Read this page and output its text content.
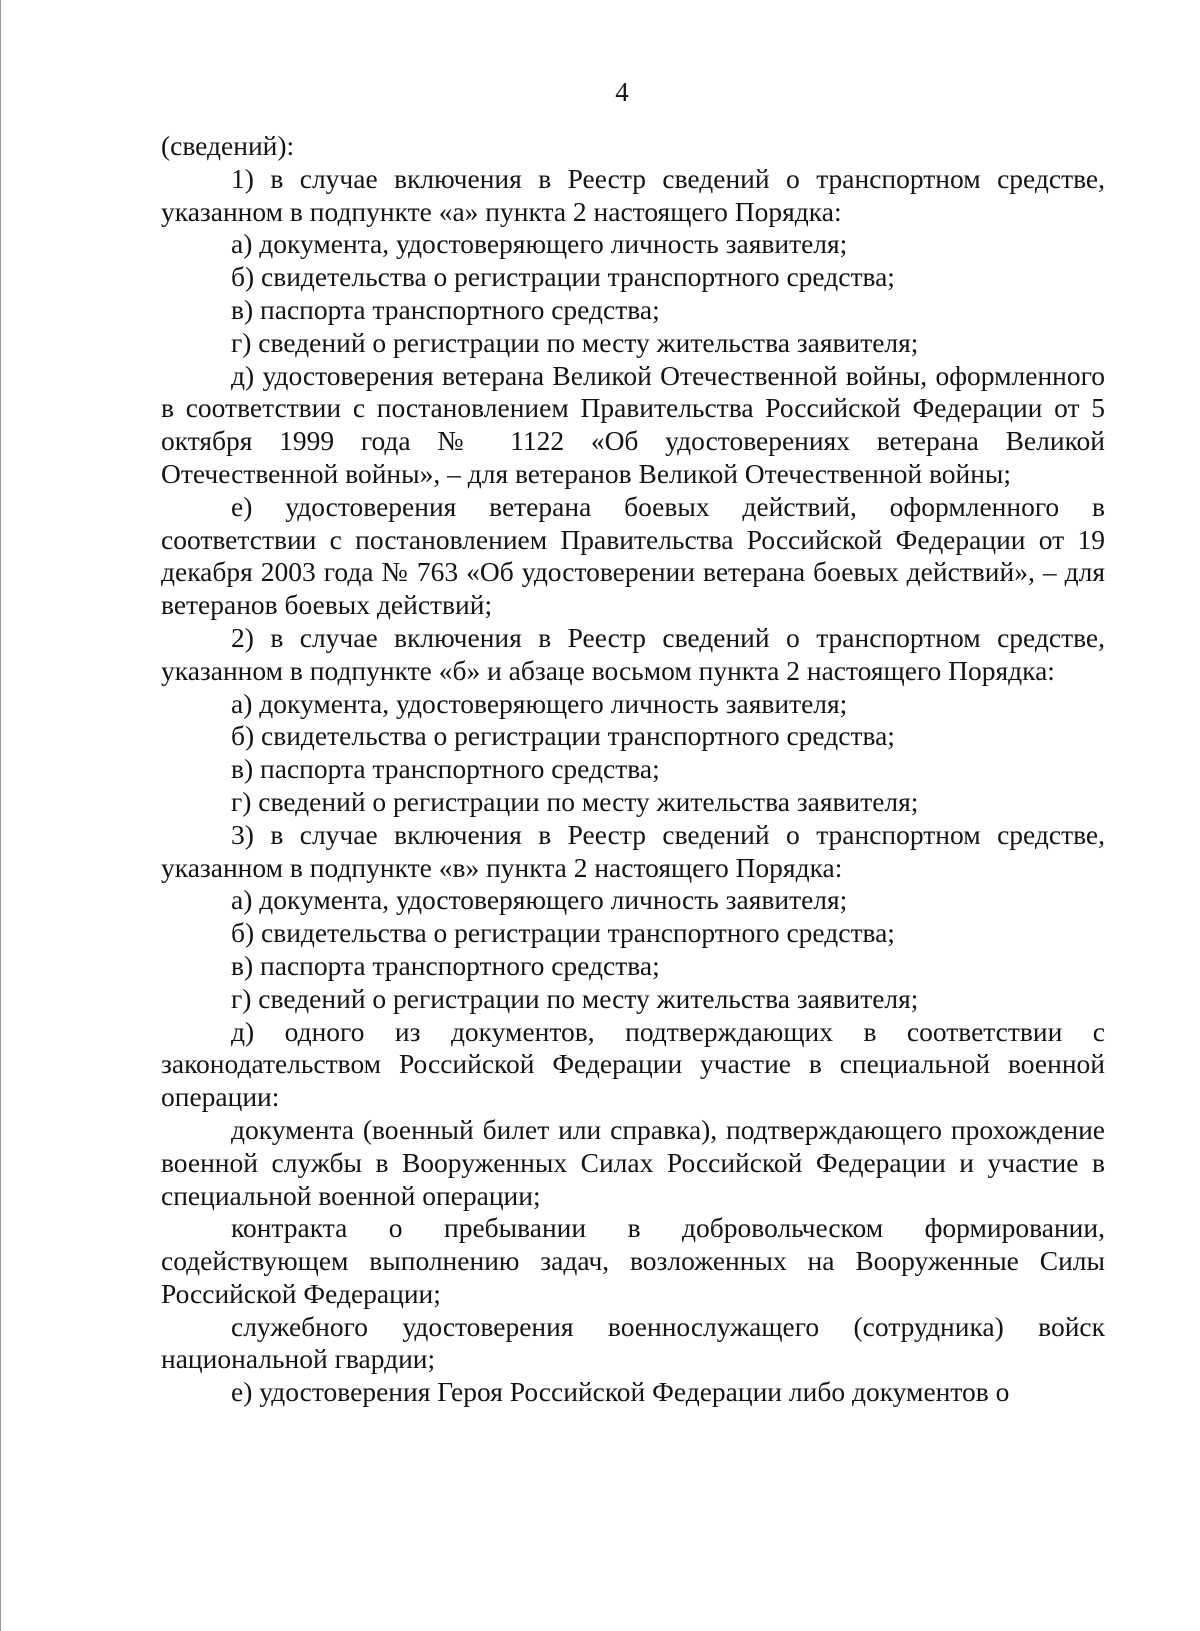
4

(сведений):

1) в случае включения в Реестр сведений о транспортном средстве, указанном в подпункте «а» пункта 2 настоящего Порядка:

а) документа, удостоверяющего личность заявителя;

б) свидетельства о регистрации транспортного средства;

в) паспорта транспортного средства;

г) сведений о регистрации по месту жительства заявителя;

д) удостоверения ветерана Великой Отечественной войны, оформленного в соответствии с постановлением Правительства Российской Федерации от 5 октября 1999 года № 1122 «Об удостоверениях ветерана Великой Отечественной войны», – для ветеранов Великой Отечественной войны;

е) удостоверения ветерана боевых действий, оформленного в соответствии с постановлением Правительства Российской Федерации от 19 декабря 2003 года № 763 «Об удостоверении ветерана боевых действий», – для ветеранов боевых действий;

2) в случае включения в Реестр сведений о транспортном средстве, указанном в подпункте «б» и абзаце восьмом пункта 2 настоящего Порядка:

а) документа, удостоверяющего личность заявителя;

б) свидетельства о регистрации транспортного средства;

в) паспорта транспортного средства;

г) сведений о регистрации по месту жительства заявителя;

3) в случае включения в Реестр сведений о транспортном средстве, указанном в подпункте «в» пункта 2 настоящего Порядка:

а) документа, удостоверяющего личность заявителя;

б) свидетельства о регистрации транспортного средства;

в) паспорта транспортного средства;

г) сведений о регистрации по месту жительства заявителя;

д) одного из документов, подтверждающих в соответствии с законодательством Российской Федерации участие в специальной военной операции:

документа (военный билет или справка), подтверждающего прохождение военной службы в Вооруженных Силах Российской Федерации и участие в специальной военной операции;

контракта о пребывании в добровольческом формировании, содействующем выполнению задач, возложенных на Вооруженные Силы Российской Федерации;

служебного удостоверения военнослужащего (сотрудника) войск национальной гвардии;

е) удостоверения Героя Российской Федерации либо документов о
